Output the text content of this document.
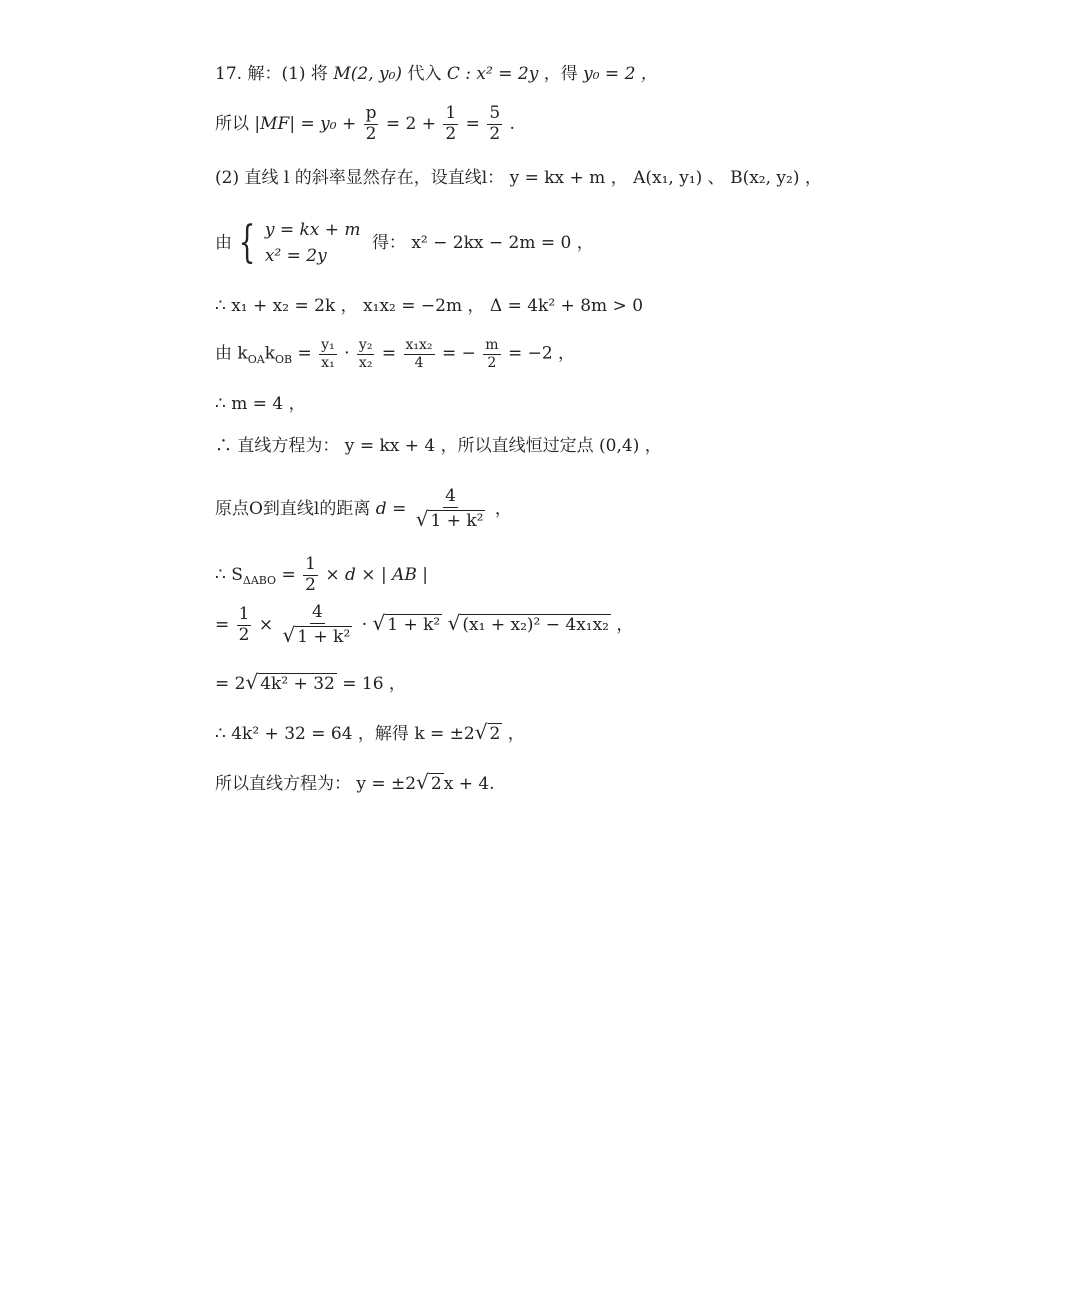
17. 解：(1) 将 M(2, y₀) 代入 C : x² = 2y ，得 y₀ = 2 ，
所以 $|MF| = y_0 + \frac{p}{2} = 2 + \frac{1}{2} = \frac{5}{2}$ .
(2) 直线 l 的斜率显然存在，设直线l： y = kx + m ， A(x₁, y₁) 、 B(x₂, y₂) ，
由 { y = kx + m
x² = 2y
得： x² − 2kx − 2m = 0 ，
∴ x₁ + x₂ = 2k ， x₁x₂ = −2m ， Δ = 4k² + 8m > 0
由 $k_{OA}k_{OB} = \frac{\text{y₁}}{\text{x₁}} \cdot \frac{\text{y₂}}{\text{x₂}} = \frac{\text{x₁x₂}}{4}$ = − $\frac{m}{2} = -2$ ，
∴ m = 4 ，
∴ 直线方程为： y = kx + 4 ，所以直线恒过定点 (0,4) ，
原点O到直线l的距离 $d = \frac{4}{\text{√ 1 + k²}}$ ，
∴ $S_{\Delta ABO} = \frac{1}{2} \times d$ × | AB |
= $\frac{1}{2} \times \frac{4}{\text{√ 1 + k²}}$ · √ 1 + k² √ (x₁ + x₂)² − 4x₁x₂ ，
= 2√ 4k² + 32 = 16 ，
∴ 4k² + 32 = 64 ，解得 k = ±2√ 2 ，
所以直线方程为： y = ±2√ 2 x + 4.
